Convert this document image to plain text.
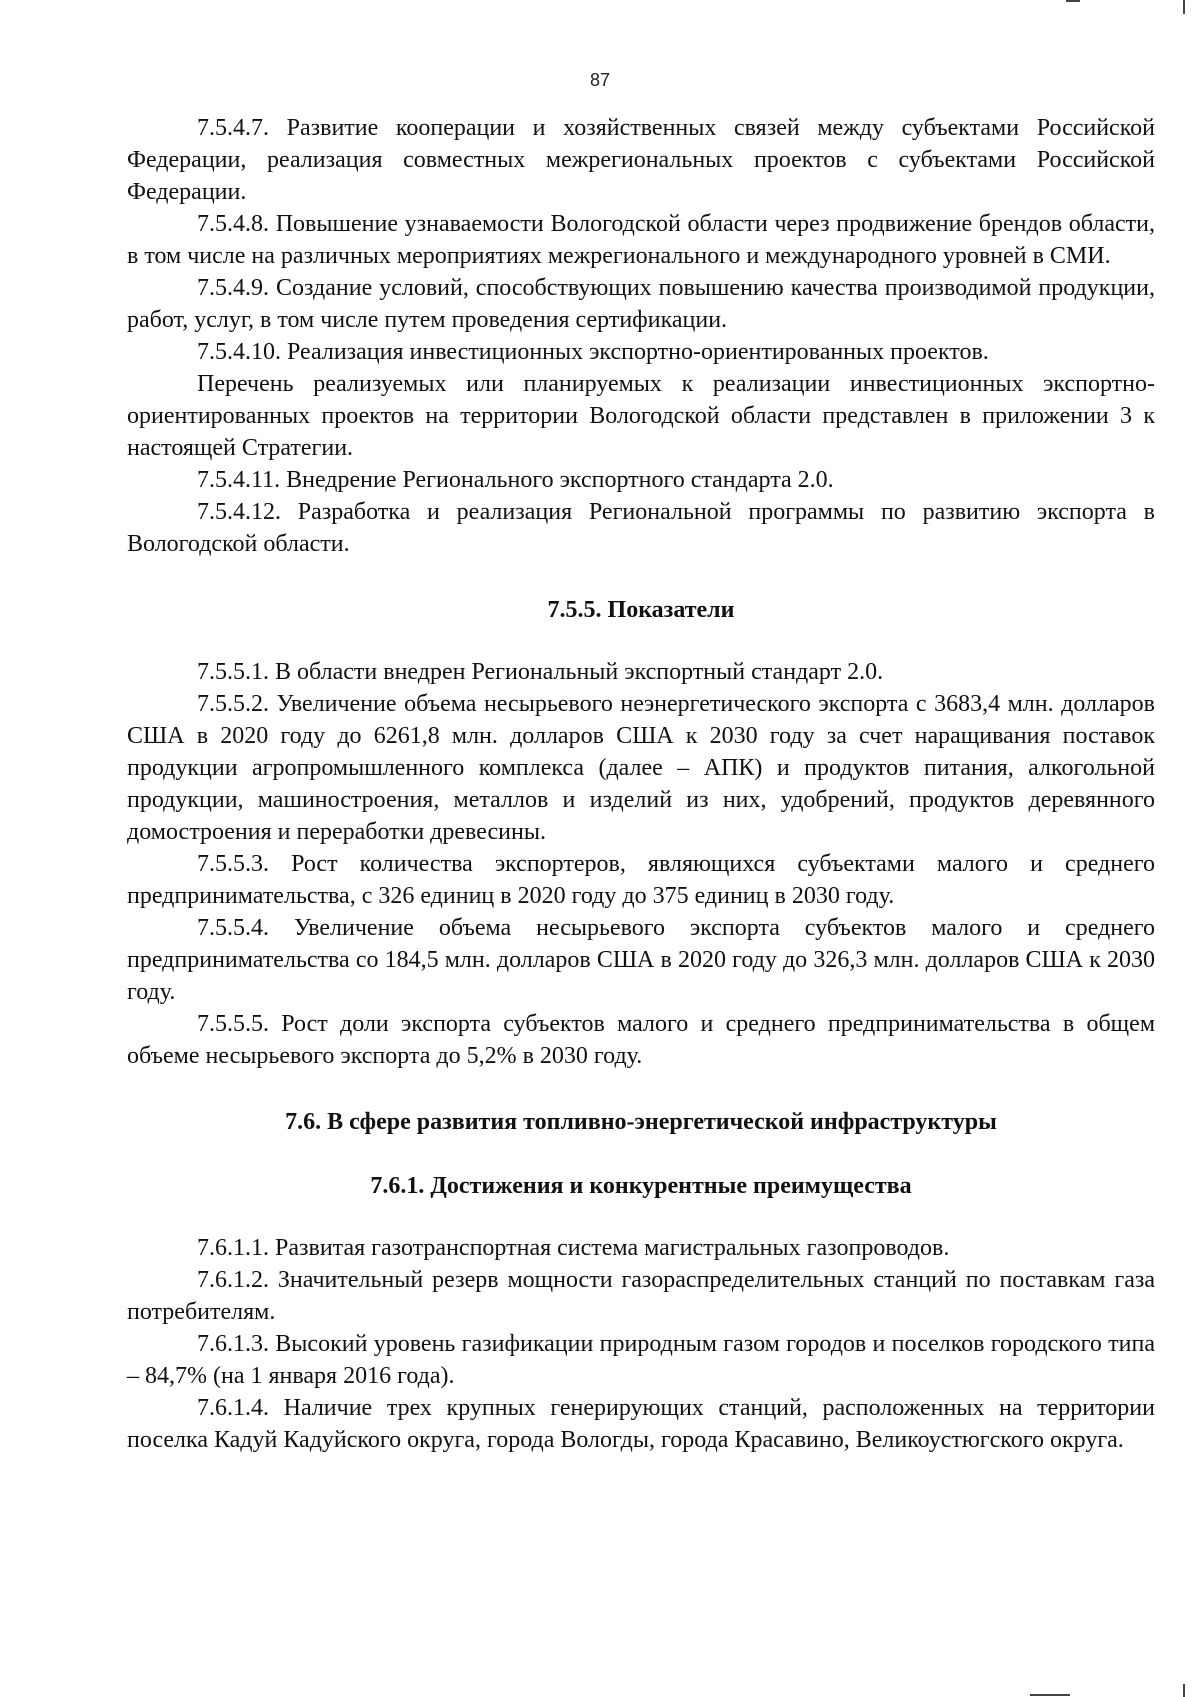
87

7.5.4.7. Развитие кооперации и хозяйственных связей между субъектами Российской Федерации, реализация совместных межрегиональных проектов с субъектами Российской Федерации.

7.5.4.8. Повышение узнаваемости Вологодской области через продвижение брендов области, в том числе на различных мероприятиях межрегионального и международного уровней в СМИ.

7.5.4.9. Создание условий, способствующих повышению качества производимой продукции, работ, услуг, в том числе путем проведения сертификации.

7.5.4.10. Реализация инвестиционных экспортно-ориентированных проектов.

Перечень реализуемых или планируемых к реализации инвестиционных экспортно-ориентированных проектов на территории Вологодской области представлен в приложении 3 к настоящей Стратегии.

7.5.4.11. Внедрение Регионального экспортного стандарта 2.0.

7.5.4.12. Разработка и реализация Региональной программы по развитию экспорта в Вологодской области.

7.5.5. Показатели

7.5.5.1. В области внедрен Региональный экспортный стандарт 2.0.

7.5.5.2. Увеличение объема несырьевого неэнергетического экспорта с 3683,4 млн. долларов США в 2020 году до 6261,8 млн. долларов США к 2030 году за счет наращивания поставок продукции агропромышленного комплекса (далее – АПК) и продуктов питания, алкогольной продукции, машиностроения, металлов и изделий из них, удобрений, продуктов деревянного домостроения и переработки древесины.

7.5.5.3. Рост количества экспортеров, являющихся субъектами малого и среднего предпринимательства, с 326 единиц в 2020 году до 375 единиц в 2030 году.

7.5.5.4. Увеличение объема несырьевого экспорта субъектов малого и среднего предпринимательства со 184,5 млн. долларов США в 2020 году до 326,3 млн. долларов США к 2030 году.

7.5.5.5. Рост доли экспорта субъектов малого и среднего предпринимательства в общем объеме несырьевого экспорта до 5,2% в 2030 году.

7.6. В сфере развития топливно-энергетической инфраструктуры
7.6.1. Достижения и конкурентные преимущества

7.6.1.1. Развитая газотранспортная система магистральных газопроводов.

7.6.1.2. Значительный резерв мощности газораспределительных станций по поставкам газа потребителям.

7.6.1.3. Высокий уровень газификации природным газом городов и поселков городского типа – 84,7% (на 1 января 2016 года).

7.6.1.4. Наличие трех крупных генерирующих станций, расположенных на территории поселка Кадуй Кадуйского округа, города Вологды, города Красавино, Великоустюгского округа.
